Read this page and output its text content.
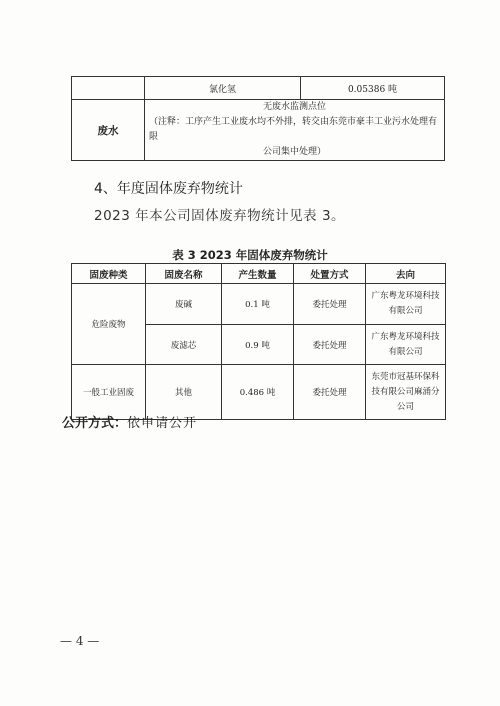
	氯化氢	0.05386 吨
废水	无废水监测点位
（注释：工序产生工业废水均不外排，转交由东莞市豪丰工业污水处理有限
公司集中处理）	
4、年度固体废弃物统计
2023 年本公司固体废弃物统计见表 3。
表 3 2023 年固体废弃物统计
固废种类	固废名称	产生数量	处置方式	去向
危险废物	废碱	0.1 吨	委托处理	广东粤龙环境科技有限公司
	废滤芯	0.9 吨	委托处理	广东粤龙环境科技有限公司
一般工业固废	其他	0.486 吨	委托处理	东莞市冠基环保科技有限公司麻涌分公司
公开方式：依申请公开
— 4 —
